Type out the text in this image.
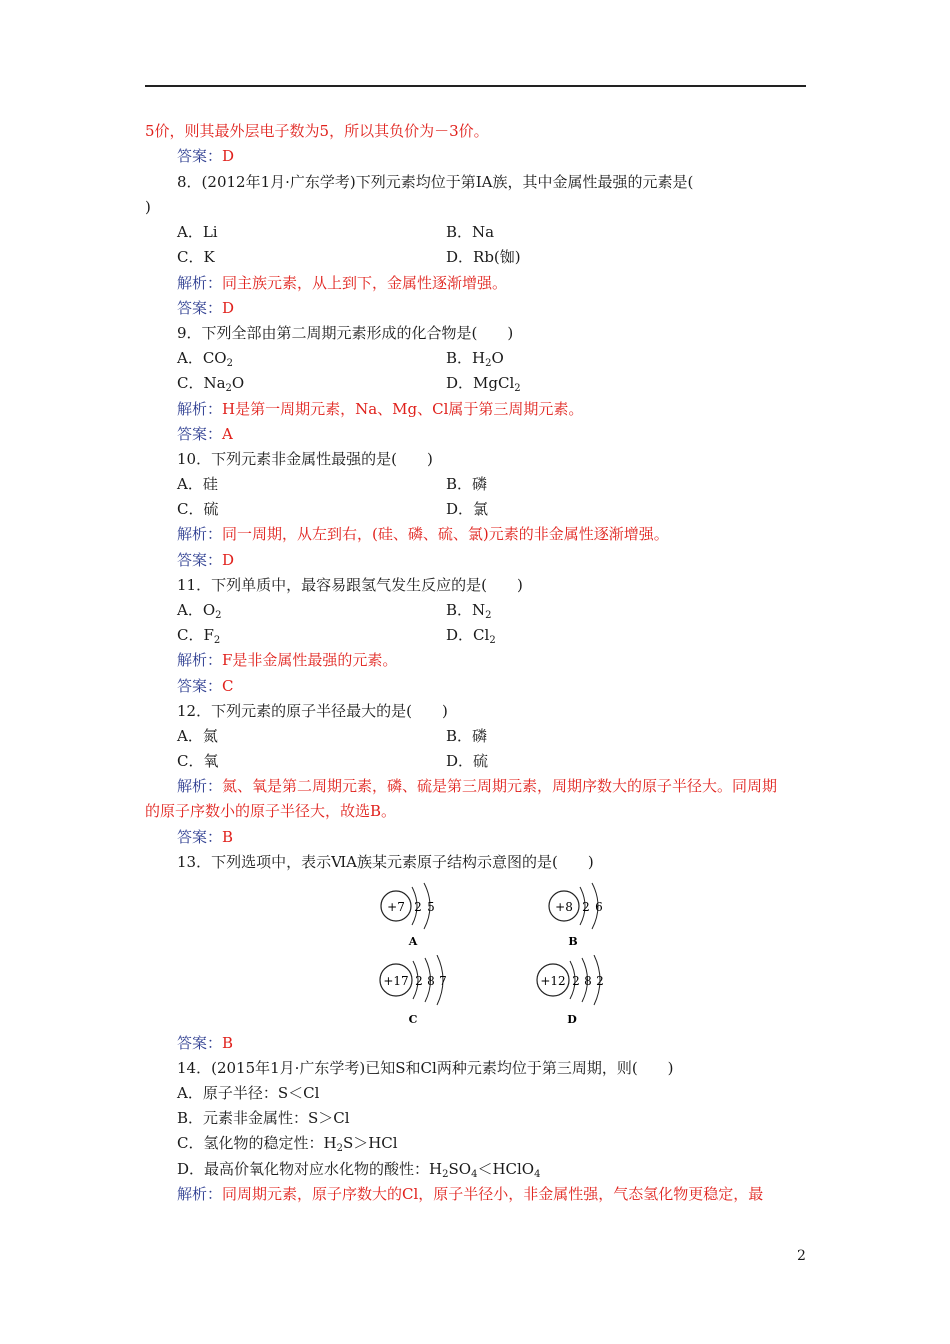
5价，则其最外层电子数为5，所以其负价为－3价。
答案：D
8．(2012年1月·广东学考)下列元素均位于第ⅠA族，其中金属性最强的元素是(
)
A．Li	B．Na
C．K	D．Rb(铷)
解析：同主族元素，从上到下，金属性逐渐增强。
答案：D
9．下列全部由第二周期元素形成的化合物是(　　)
A．$CO_2$	B．$H_2O$
C．$Na_2O$	D．MgCl$_2$
解析：H是第一周期元素，Na、Mg、Cl属于第三周期元素。
答案：A
10．下列元素非金属性最强的是(　　)
A．硅	B．磷
C．硫	D．氯
解析：同一周期，从左到右，(硅、磷、硫、氯)元素的非金属性逐渐增强。
答案：D
11．下列单质中，最容易跟氢气发生反应的是(　　)
A．$O_2$	B．$N_2$
C．$F_2$	D．$Cl_2$
解析：F是非金属性最强的元素。
答案：C
12．下列元素的原子半径最大的是(　　)
A．氮	B．磷
C．氧	D．硫
解析：氮、氧是第二周期元素，磷、硫是第三周期元素，周期序数大的原子半径大。同周期
的原子序数小的原子半径大，故选B。
答案：B
13．下列选项中，表示ⅥA族某元素原子结构示意图的是(　　)
+7 2 5
A
+8 2 6
B
+17 2 8 7
C
+12 2 8 2
D
答案：B
14．(2015年1月·广东学考)已知S和Cl两种元素均位于第三周期，则(　　)
A．原子半径：S＜Cl
B．元素非金属性：S＞Cl
C．氢化物的稳定性：$H_2S>HCl$
D．最高价氧化物对应水化物的酸性：$H_2SO_4<HClO_4$
解析：同周期元素，原子序数大的Cl，原子半径小，非金属性强，气态氢化物更稳定，最
2
